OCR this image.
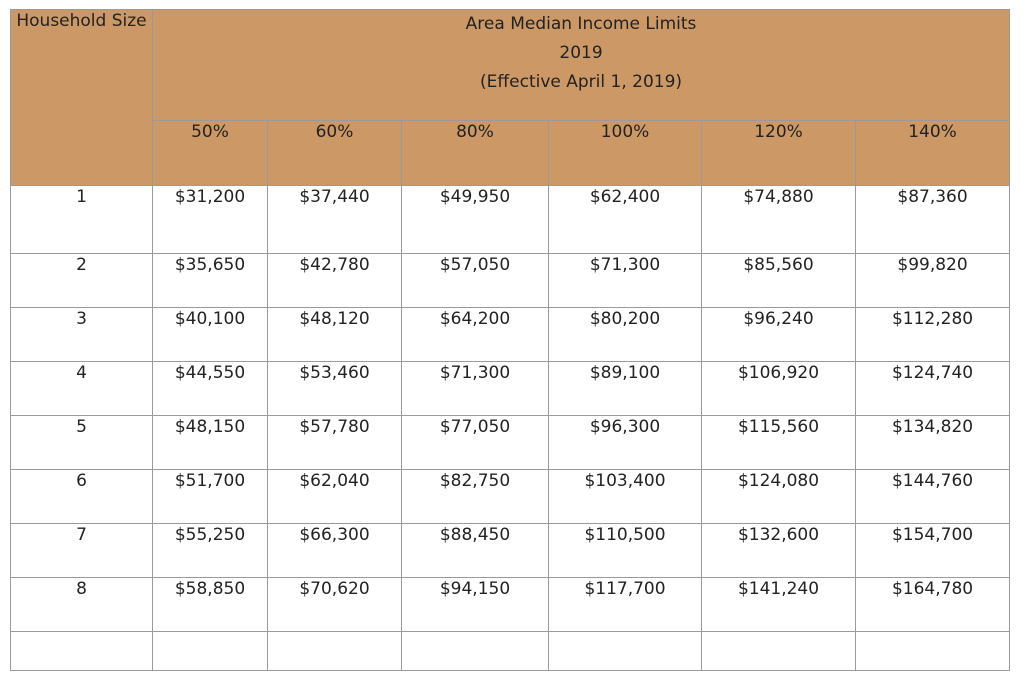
Household Size	Area Median Income Limits
2019
(Effective April 1, 2019)					

	50%	60%	80%	100%	120%	140%
1	$31,200	$37,440	$49,950	$62,400	$74,880	$87,360
2	$35,650	$42,780	$57,050	$71,300	$85,560	$99,820
3	$40,100	$48,120	$64,200	$80,200	$96,240	$112,280
4	$44,550	$53,460	$71,300	$89,100	$106,920	$124,740
5	$48,150	$57,780	$77,050	$96,300	$115,560	$134,820
6	$51,700	$62,040	$82,750	$103,400	$124,080	$144,760
7	$55,250	$66,300	$88,450	$110,500	$132,600	$154,700
8	$58,850	$70,620	$94,150	$117,700	$141,240	$164,780
